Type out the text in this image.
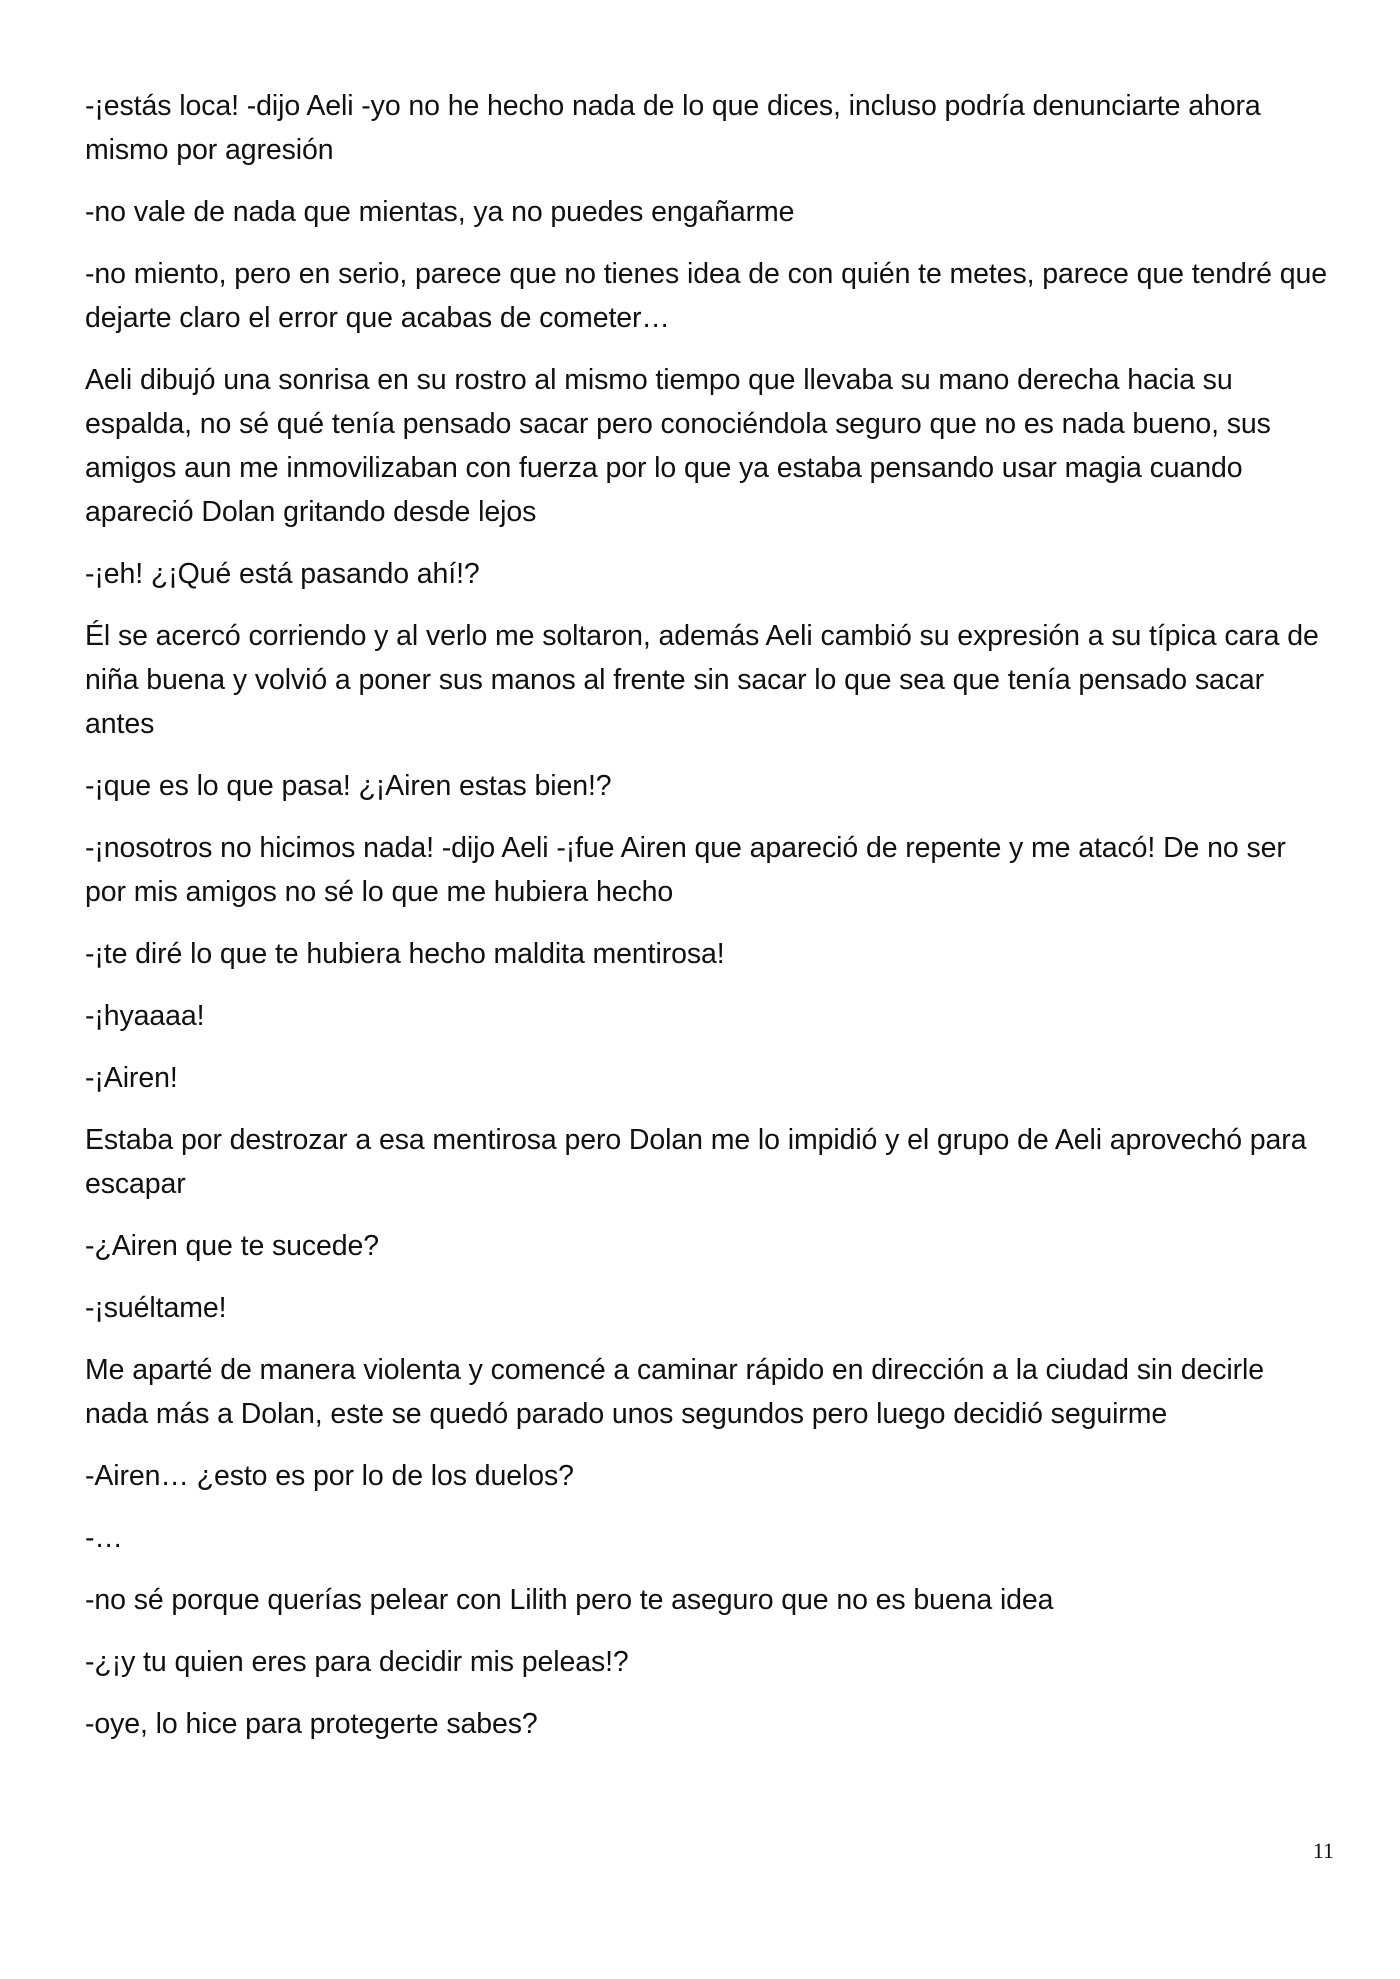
-¡estás loca! -dijo Aeli -yo no he hecho nada de lo que dices, incluso podría denunciarte ahora mismo por agresión

-no vale de nada que mientas, ya no puedes engañarme

-no miento, pero en serio, parece que no tienes idea de con quién te metes, parece que tendré que dejarte claro el error que acabas de cometer…

Aeli dibujó una sonrisa en su rostro al mismo tiempo que llevaba su mano derecha hacia su espalda, no sé qué tenía pensado sacar pero conociéndola seguro que no es nada bueno, sus amigos aun me inmovilizaban con fuerza por lo que ya estaba pensando usar magia cuando apareció Dolan gritando desde lejos

-¡eh! ¿¡Qué está pasando ahí!?

Él se acercó corriendo y al verlo me soltaron, además Aeli cambió su expresión a su típica cara de niña buena y volvió a poner sus manos al frente sin sacar lo que sea que tenía pensado sacar antes

-¡que es lo que pasa! ¿¡Airen estas bien!?

-¡nosotros no hicimos nada! -dijo Aeli -¡fue Airen que apareció de repente y me atacó! De no ser por mis amigos no sé lo que me hubiera hecho

-¡te diré lo que te hubiera hecho maldita mentirosa!

-¡hyaaaa!

-¡Airen!

Estaba por destrozar a esa mentirosa pero Dolan me lo impidió y el grupo de Aeli aprovechó para escapar

-¿Airen que te sucede?

-¡suéltame!

Me aparté de manera violenta y comencé a caminar rápido en dirección a la ciudad sin decirle nada más a Dolan, este se quedó parado unos segundos pero luego decidió seguirme

-Airen… ¿esto es por lo de los duelos?

-…

-no sé porque querías pelear con Lilith pero te aseguro que no es buena idea

-¿¡y tu quien eres para decidir mis peleas!?

-oye, lo hice para protegerte sabes?

11
